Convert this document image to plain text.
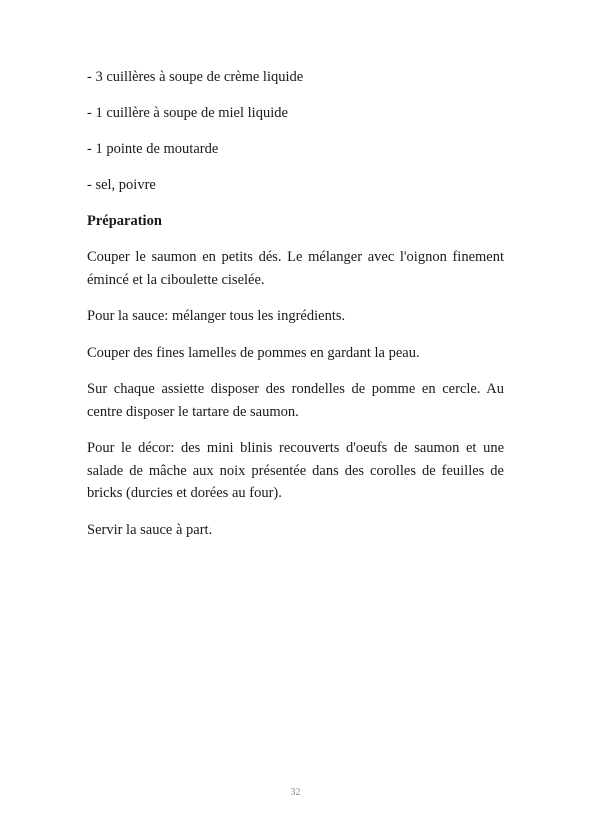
- 3 cuillères à soupe de crème liquide

- 1 cuillère à soupe de miel liquide

- 1 pointe de moutarde

- sel, poivre

Préparation

Couper le saumon en petits dés. Le mélanger avec l'oignon finement émincé et la ciboulette ciselée.

Pour la sauce: mélanger tous les ingrédients.

Couper des fines lamelles de pommes en gardant la peau.

Sur chaque assiette disposer des rondelles de pomme en cercle. Au centre disposer le tartare de saumon.

Pour le décor: des mini blinis recouverts d'oeufs de saumon et une salade de mâche aux noix présentée dans des corolles de feuilles de bricks (durcies et dorées au four).

Servir la sauce à part.

32
